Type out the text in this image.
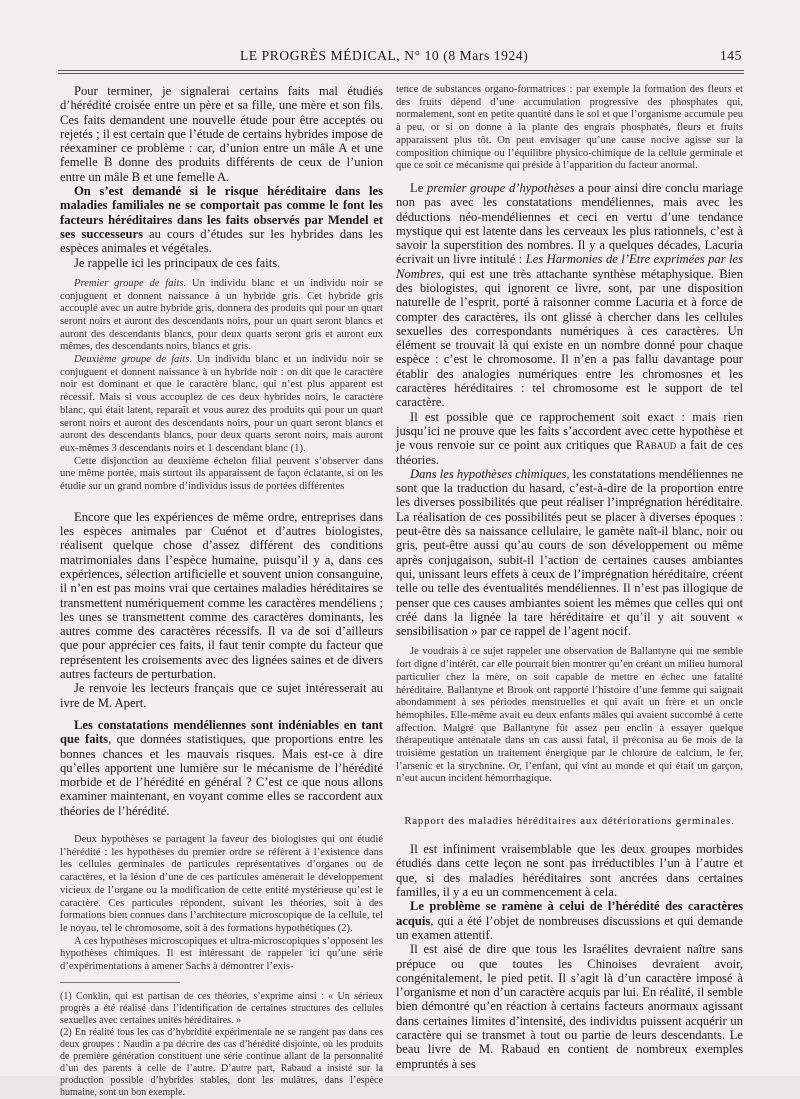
LE PROGRÈS MÉDICAL, N° 10 (8 Mars 1924)	145

Pour terminer, je signalerai certains faits mal étudiés d’hérédité croisée entre un père et sa fille, une mère et son fils. Ces faits demandent une nouvelle étude pour être acceptés ou rejetés ; il est certain que l’étude de certains hybrides impose de réexaminer ce problème : car, d’union entre un mâle A et une femelle B donne des produits différents de ceux de l’union entre un mâle B et une femelle A.

On s’est demandé si le risque héréditaire dans les maladies familiales ne se comportait pas comme le font les facteurs héréditaires dans les faits observés par Mendel et ses successeurs au cours d’études sur les hybrides dans les espèces animales et végétales.

Je rappelle ici les principaux de ces faits.

Premier groupe de faits. Un individu blanc et un individu noir se conjuguent et donnent naissance à un hybride gris. Cet hybride gris accouplé avec un autre hybride gris, donnera des produits qui pour un quart seront noirs et auront des descendants noirs, pour un quart seront blancs et auront des descendants blancs, pour deux quarts seront gris et auront eux mêmes, des descendants noirs, blancs et gris.

Deuxième groupe de faits. Un individu blanc et un individu noir se conjuguent et donnent naissance à un hybride noir : on dit que le caractère noir est dominant et que le caractère blanc, qui n’est plus apparent est récessif. Mais si vous accouplez de ces deux hybrides noirs, le caractère blanc, qui était latent, reparaît et vous aurez des produits qui pour un quart seront noirs et auront des descendants noirs, pour un quart seront blancs et auront des descendants blancs, pour deux quarts seront noirs, mais auront eux-mêmes 3 descendants noirs et 1 descendant blanc (1).

Cette disjonction au deuxième échelon filial peuvent s’observer dans une même portée, mais surtout ils apparaissent de façon éclatante, si on les étudie sur un grand nombre d’individus issus de portées différentes

Encore que les expériences de même ordre, entreprises dans les espèces animales par Cuénot et d’autres biologistes, réalisent quelque chose d’assez différent des conditions matrimoniales dans l’espèce humaine, puisqu’il y a, dans ces expériences, sélection artificielle et souvent union consanguine, il n’en est pas moins vrai que certaines maladies héréditaires se transmettent numériquement comme les caractères mendéliens ; les unes se transmettent comme des caractères dominants, les autres comme des caractères récessifs. Il va de soi d’ailleurs que pour apprécier ces faits, il faut tenir compte du facteur que représentent les croisements avec des lignées saines et de divers autres facteurs de perturbation.

Je renvoie les lecteurs français que ce sujet intéresserait au ivre de M. Apert.

Les constatations mendéliennes sont indéniables en tant que faits, que données statistiques, que proportions entre les bonnes chances et les mauvais risques. Mais est-ce à dire qu’elles apportent une lumière sur le mécanisme de l’hérédité morbide et de l’hérédité en général ? C’est ce que nous allons examiner maintenant, en voyant comme elles se raccordent aux théories de l’hérédité.

Deux hypothèses se partagent la faveur des biologistes qui ont étudié l’hérédité : les hypothèses du premier ordre se réfèrent à l’existence dans les cellules germinales de particules représentatives d’organes ou de caractères, et la lésion d’une de ces particules amènerait le développement vicieux de l’organe ou la modification de cette entité mystérieuse qu’est le caractère. Ces particules répondent, suivant les théories, soit à des formations bien connues dans l’architecture microscopique de la cellule, tel le noyau, tel le chromosome, soit à des formations hypothétiques (2).

A ces hypothèses microscopiques et ultra-microscopiques s’opposent les hypothèses chimiques. Il est intéressant de rappeler ici qu’une série d’expérimentations à amener Sachs à démontrer l’exis-

(1) Conklin, qui est partisan de ces théories, s’exprime ainsi : « Un sérieux progrès a été réalisé dans l’identification de certaines structures des cellules sexuelles avec certaines unités héréditaires. »

(2) En réalité tous les cas d’hybridité expérimentale ne se rangent pas dans ces deux groupes : Naudin a pu décrire des cas d’hérédité disjointe, où les produits de première génération constituent une série continue allant de la personnalité d’un des parents à celle de l’autre. D’autre part, Rabaud a insisté sur la production possible d’hybrides stables, dont les mulâtres, dans l’espèce humaine, sont un bon exemple.

tence de substances organo-formatrices : par exemple la formation des fleurs et des fruits dépend d’une accumulation progressive des phosphates qui, normalement, sont en petite quantité dans le sol et que l’organisme accumule peu à peu, or si on donne à la plante des engrais phosphatés, fleurs et fruits apparaissent plus tôt. On peut envisager qu’une cause nocive agisse sur la composition chimique ou l’équilibre physico-chimique de la cellule germinale et que ce soit ce mécanisme qui préside à l’apparition du facteur anormal.

Le premier groupe d’hypothèses a pour ainsi dire conclu mariage non pas avec les constatations mendéliennes, mais avec les déductions néo-mendéliennes et ceci en vertu d’une tendance mystique qui est latente dans les cerveaux les plus rationnels, c’est à savoir la superstition des nombres. Il y a quelques décades, Lacuria écrivait un livre intitulé : Les Harmonies de l’Etre exprimées par les Nombres, qui est une très attachante synthèse métaphysique. Bien des biologistes, qui ignorent ce livre, sont, par une disposition naturelle de l’esprit, porté à raisonner comme Lacuria et à force de compter des caractères, ils ont glissé à chercher dans les cellules sexuelles des correspondants numériques à ces caractères. Un élément se trouvait là qui existe en un nombre donné pour chaque espèce : c’est le chromosome. Il n’en a pas fallu davantage pour établir des analogies numériques entre les chromosnes et les caractères héréditaires : tel chromosome est le support de tel caractère.

Il est possible que ce rapprochement soit exact : mais rien jusqu’ici ne prouve que les faits s’accordent avec cette hypothèse et je vous renvoie sur ce point aux critiques que Rabaud a fait de ces théories.

Dans les hypothèses chimiques, les constatations mendéliennes ne sont que la traduction du hasard, c’est-à-dire de la proportion entre les diverses possibilités que peut réaliser l’imprégnation héréditaire. La réalisation de ces possibilités peut se placer à diverses époques : peut-être dès sa naissance cellulaire, le gamète naît-il blanc, noir ou gris, peut-être aussi qu’au cours de son développement ou même après conjugaison, subit-il l’action de certaines causes ambiantes qui, unissant leurs effets à ceux de l’imprégnation héréditaire, créent telle ou telle des éventualités mendéliennes. Il n’est pas illogique de penser que ces causes ambiantes soient les mêmes que celles qui ont créé dans la lignée la tare héréditaire et qu’il y ait souvent « sensibilisation » par ce rappel de l’agent nocif.

Je voudrais à ce sujet rappeler une observation de Ballantyne qui me semble fort digne d’intérêt, car elle pourrait bien montrer qu’en créant un milieu humoral particulier chez la mère, on soit capable de mettre en échec une fatalité héréditaire. Ballantyne et Brook ont rapporté l’histoire d’une femme qui saignait abondamment à ses périodes menstruelles et qui avait un frère et un oncle hémophiles. Elle-même avait eu deux enfants mâles qui avaient succombé à cette affection. Malgré que Ballantyne fût assez peu enclin à essayer quelque thérapeutique anténatale dans un cas aussi fatal, il préconisa au 6e mois de la troisième gestation un traitement énergique par le chlorure de calcium, le fer, l’arsenic et la strychnine. Or, l’enfant, qui vint au monde et qui était un garçon, n’eut aucun incident hémorrhagique.

Rapport des maladies héréditaires aux détériorations germinales.

Il est infiniment vraisemblable que les deux groupes morbides étudiés dans cette leçon ne sont pas irréductibles l’un à l’autre et que, si des maladies héréditaires sont ancrées dans certaines familles, il y a eu un commencement à cela.

Le problème se ramène à celui de l’hérédité des caractères acquis, qui a été l’objet de nombreuses discussions et qui demande un examen attentif.

Il est aisé de dire que tous les Israélites devraient naître sans prépuce ou que toutes les Chinoises devraient avoir, congénitalement, le pied petit. Il s’agit là d’un caractère imposé à l’organisme et non d’un caractère acquis par lui. En réalité, il semble bien démontré qu’en réaction à certains facteurs anormaux agissant dans certaines limites d’intensité, des individus puissent acquérir un caractère qui se transmet à tout ou partie de leurs descendants. Le beau livre de M. Rabaud en contient de nombreux exemples empruntés à ses
